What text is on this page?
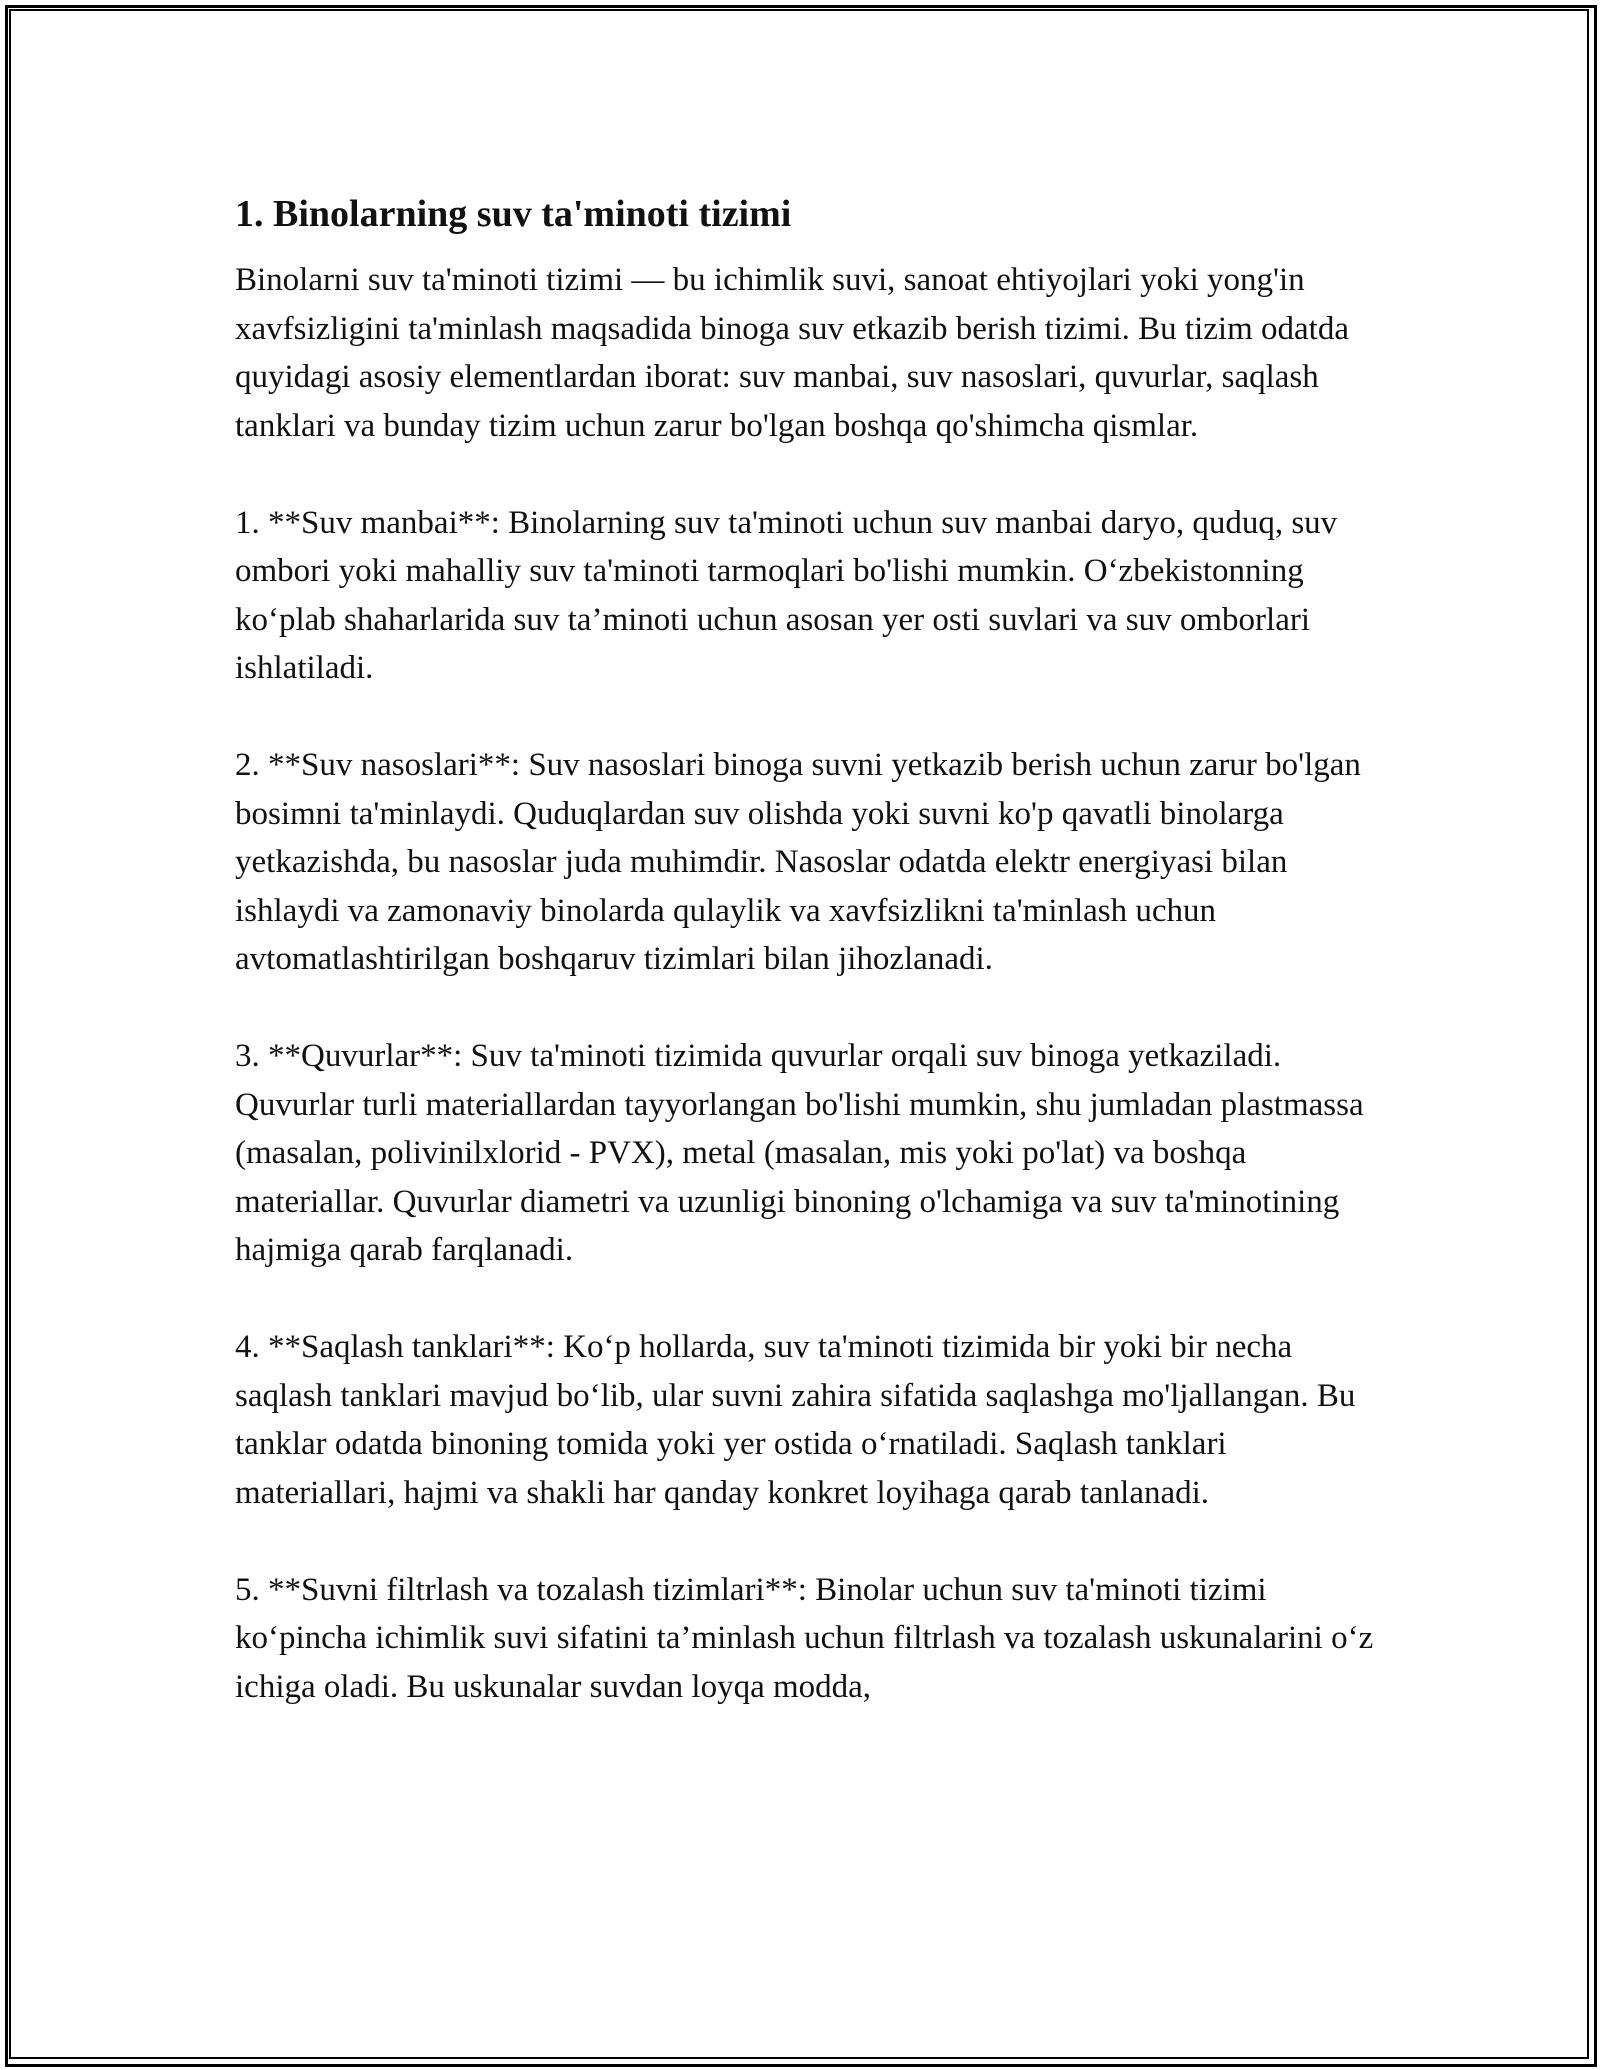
1. Binolarning suv ta'minoti tizimi

Binolarni suv ta'minoti tizimi — bu ichimlik suvi, sanoat ehtiyojlari yoki yong'in xavfsizligini ta'minlash maqsadida binoga suv etkazib berish tizimi. Bu tizim odatda quyidagi asosiy elementlardan iborat: suv manbai, suv nasoslari, quvurlar, saqlash tanklari va bunday tizim uchun zarur bo'lgan boshqa qo'shimcha qismlar.

1. **Suv manbai**: Binolarning suv ta'minoti uchun suv manbai daryo, quduq, suv ombori yoki mahalliy suv ta'minoti tarmoqlari bo'lishi mumkin. O‘zbekistonning ko‘plab shaharlarida suv ta’minoti uchun asosan yer osti suvlari va suv omborlari ishlatiladi.

2. **Suv nasoslari**: Suv nasoslari binoga suvni yetkazib berish uchun zarur bo'lgan bosimni ta'minlaydi. Quduqlardan suv olishda yoki suvni ko'p qavatli binolarga yetkazishda, bu nasoslar juda muhimdir. Nasoslar odatda elektr energiyasi bilan ishlaydi va zamonaviy binolarda qulaylik va xavfsizlikni ta'minlash uchun avtomatlashtirilgan boshqaruv tizimlari bilan jihozlanadi.

3. **Quvurlar**: Suv ta'minoti tizimida quvurlar orqali suv binoga yetkaziladi. Quvurlar turli materiallardan tayyorlangan bo'lishi mumkin, shu jumladan plastmassa (masalan, polivinilxlorid - PVX), metal (masalan, mis yoki po'lat) va boshqa materiallar. Quvurlar diametri va uzunligi binoning o'lchamiga va suv ta'minotining hajmiga qarab farqlanadi.

4. **Saqlash tanklari**: Ko‘p hollarda, suv ta'minoti tizimida bir yoki bir necha saqlash tanklari mavjud bo‘lib, ular suvni zahira sifatida saqlashga mo'ljallangan. Bu tanklar odatda binoning tomida yoki yer ostida o‘rnatiladi. Saqlash tanklari materiallari, hajmi va shakli har qanday konkret loyihaga qarab tanlanadi.

5. **Suvni filtrlash va tozalash tizimlari**: Binolar uchun suv ta'minoti tizimi ko‘pincha ichimlik suvi sifatini ta’minlash uchun filtrlash va tozalash uskunalarini o‘z ichiga oladi. Bu uskunalar suvdan loyqa modda,
